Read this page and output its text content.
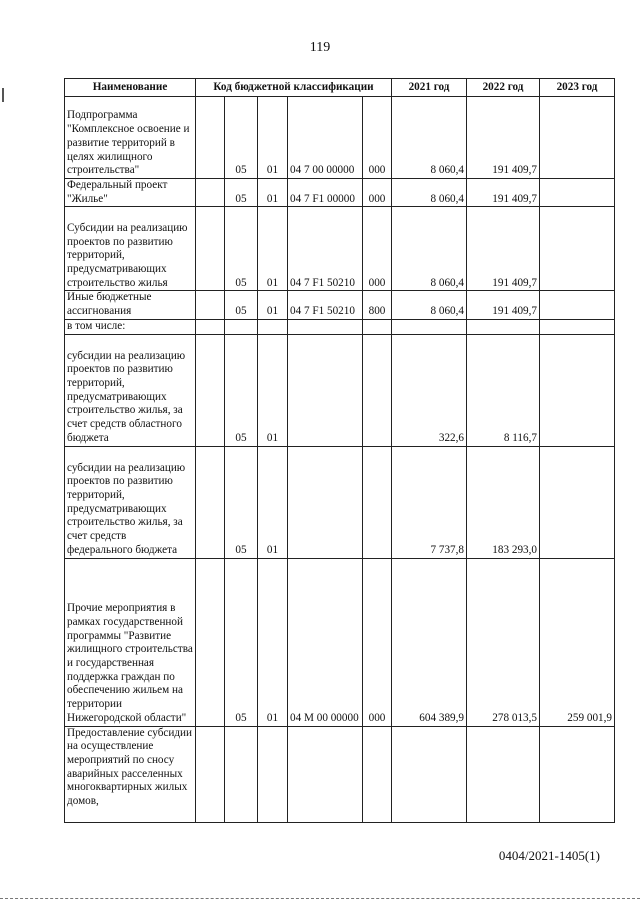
119
Наименование	Код бюджетной классификации					2021 год	2022 год	2023 год
Подпрограмма "Комплексное освоение и развитие территорий в целях жилищного строительства"		05	01	04 7 00 00000	000	8 060,4	191 409,7	
Федеральный проект "Жилье"		05	01	04 7 F1 00000	000	8 060,4	191 409,7	
Субсидии на реализацию проектов по развитию территорий, предусматривающих строительство жилья		05	01	04 7 F1 50210	000	8 060,4	191 409,7	
Иные бюджетные ассигнования		05	01	04 7 F1 50210	800	8 060,4	191 409,7	
в том числе:								
субсидии на реализацию проектов по развитию территорий, предусматривающих строительство жилья, за счет средств областного бюджета		05	01			322,6	8 116,7	
субсидии на реализацию проектов по развитию территорий, предусматривающих строительство жилья, за счет средств федерального бюджета		05	01			7 737,8	183 293,0	
Прочие мероприятия в рамках государственной программы "Развитие жилищного строительства и государственная поддержка граждан по обеспечению жильем на территории Нижегородской области"		05	01	04 М 00 00000	000	604 389,9	278 013,5	259 001,9
Предоставление субсидии на осуществление мероприятий по сносу аварийных расселенных многоквартирных жилых домов,								
0404/2021-1405(1)
